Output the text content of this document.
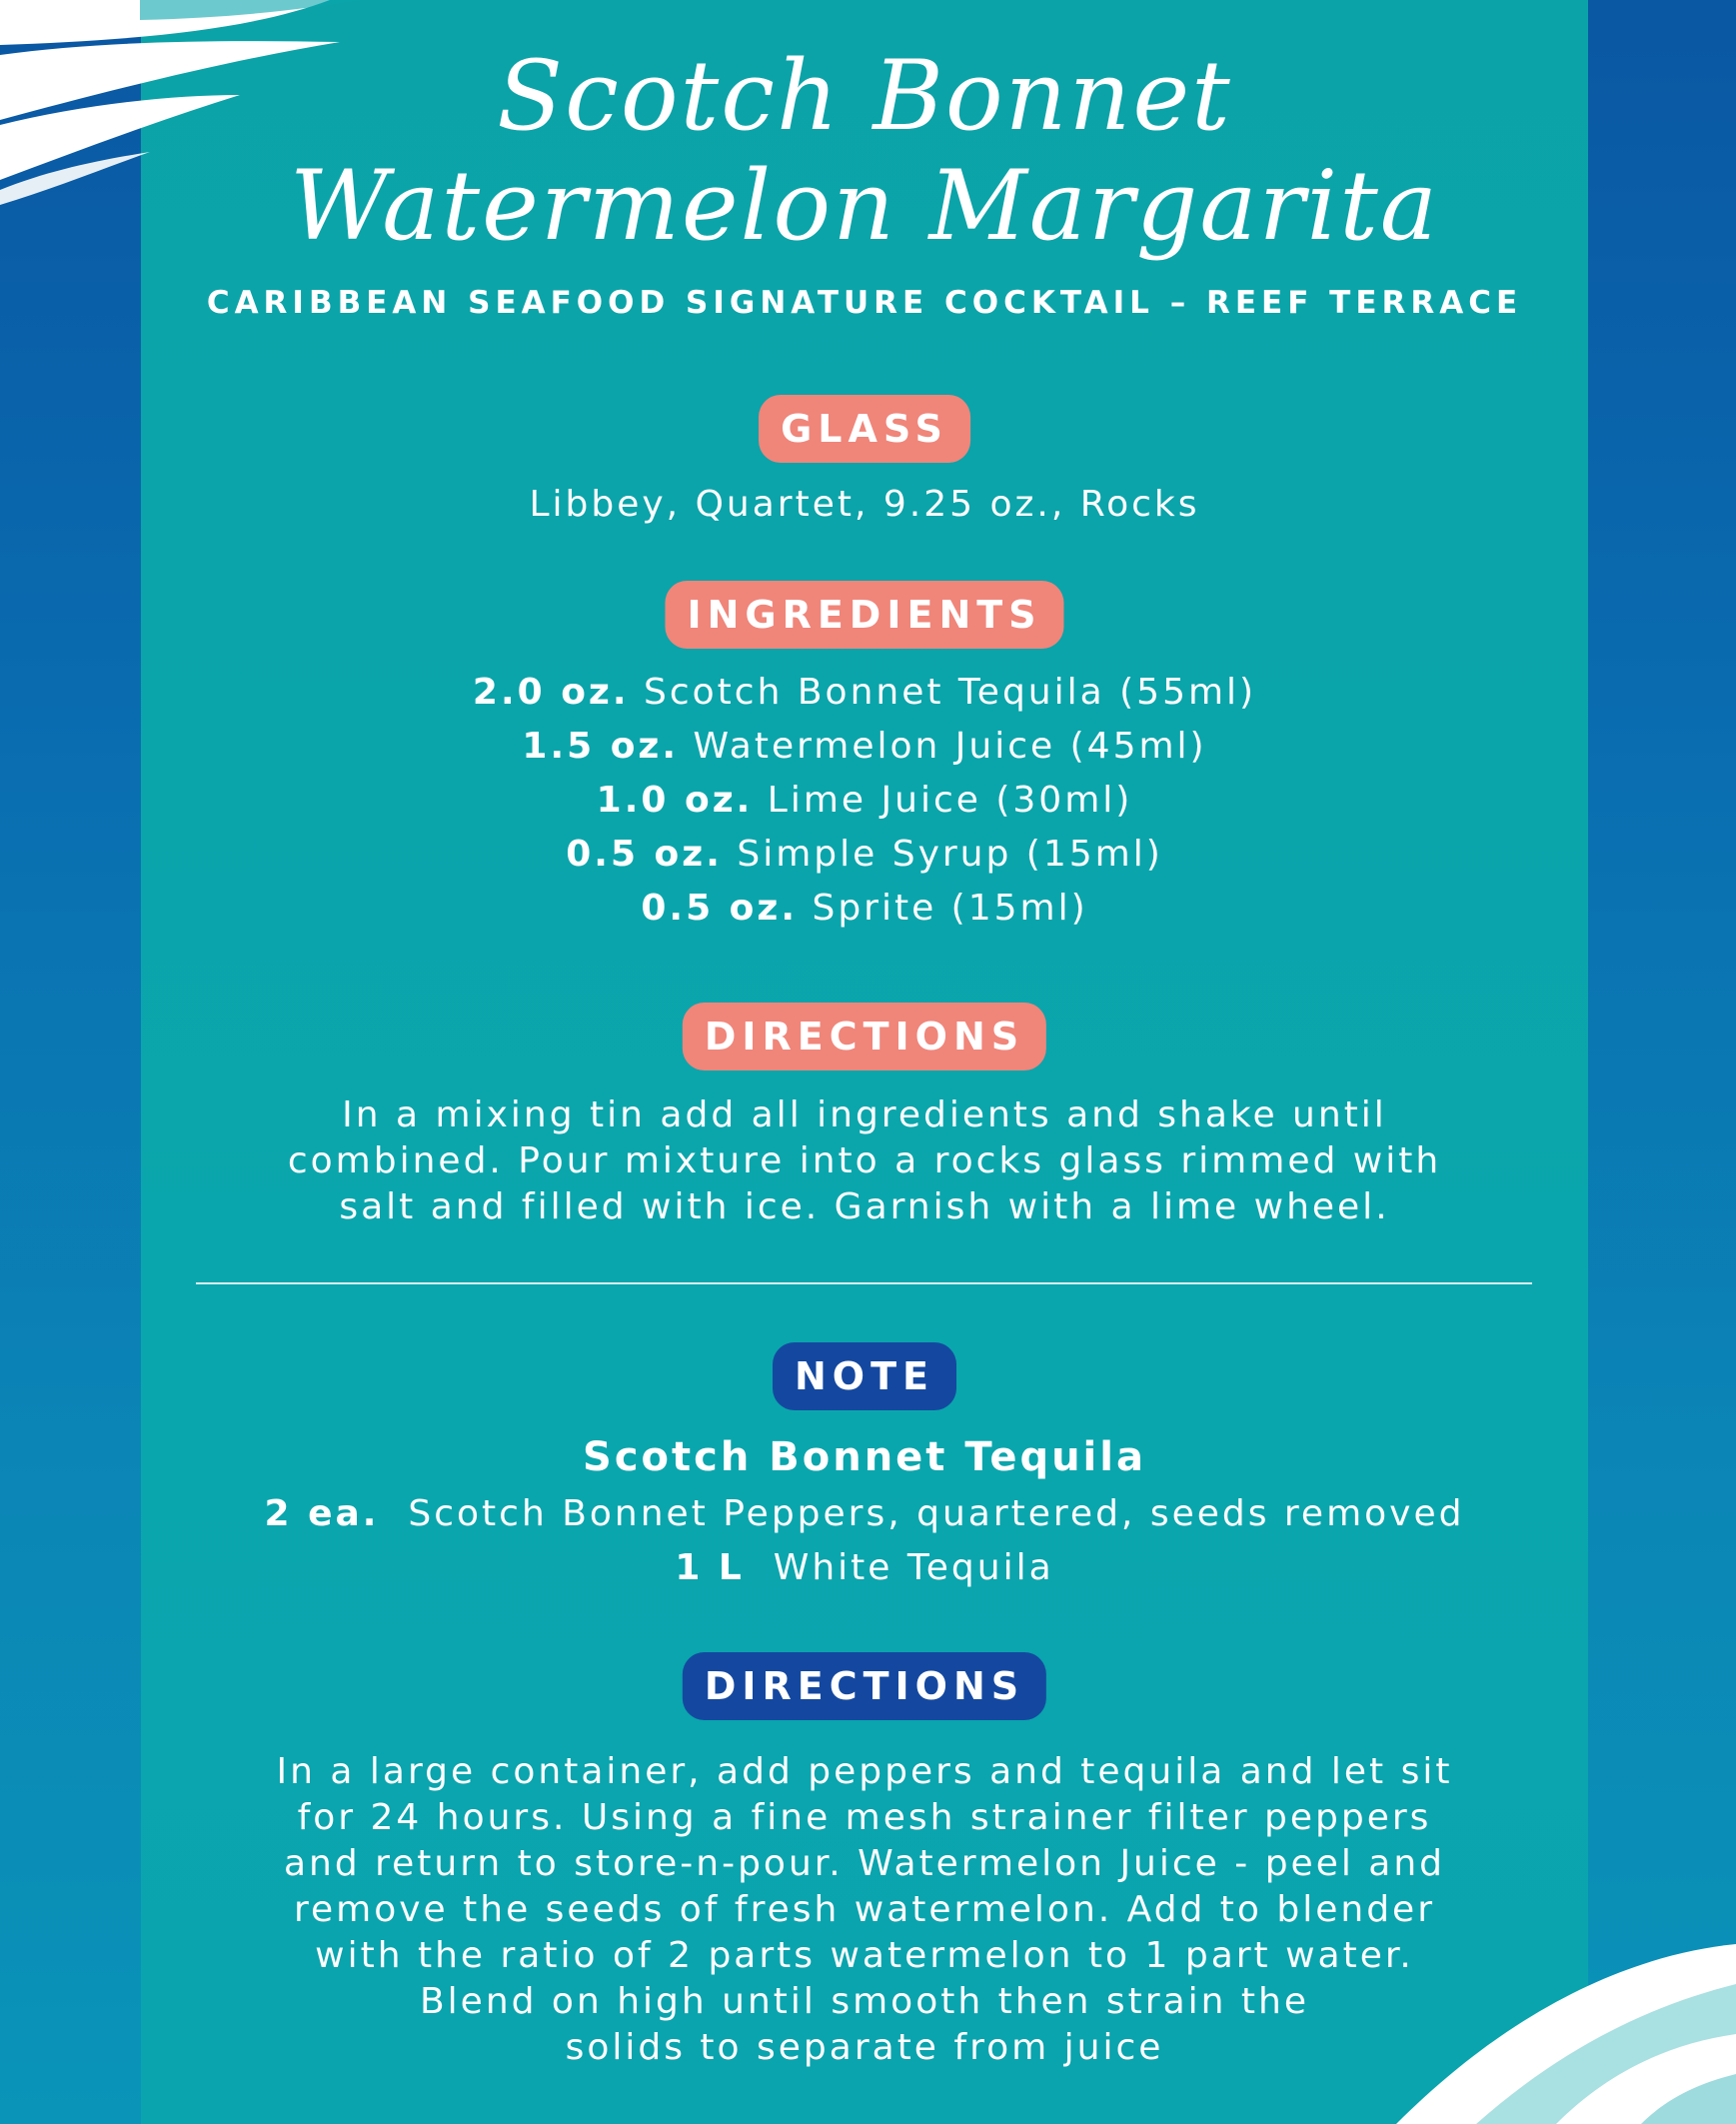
Scotch Bonnet
Watermelon Margarita
CARIBBEAN SEAFOOD SIGNATURE COCKTAIL – REEF TERRACE
GLASS
Libbey, Quartet, 9.25 oz., Rocks
INGREDIENTS
2.0 oz. Scotch Bonnet Tequila (55ml)
1.5 oz. Watermelon Juice (45ml)
1.0 oz. Lime Juice (30ml)
0.5 oz. Simple Syrup (15ml)
0.5 oz. Sprite (15ml)
DIRECTIONS
In a mixing tin add all ingredients and shake until
combined. Pour mixture into a rocks glass rimmed with
salt and filled with ice. Garnish with a lime wheel.
NOTE
Scotch Bonnet Tequila
2 ea. Scotch Bonnet Peppers, quartered, seeds removed
1 L White Tequila
DIRECTIONS
In a large container, add peppers and tequila and let sit
for 24 hours. Using a fine mesh strainer filter peppers
and return to store-n-pour. Watermelon Juice - peel and
remove the seeds of fresh watermelon. Add to blender
with the ratio of 2 parts watermelon to 1 part water.
Blend on high until smooth then strain the
solids to separate from juice
